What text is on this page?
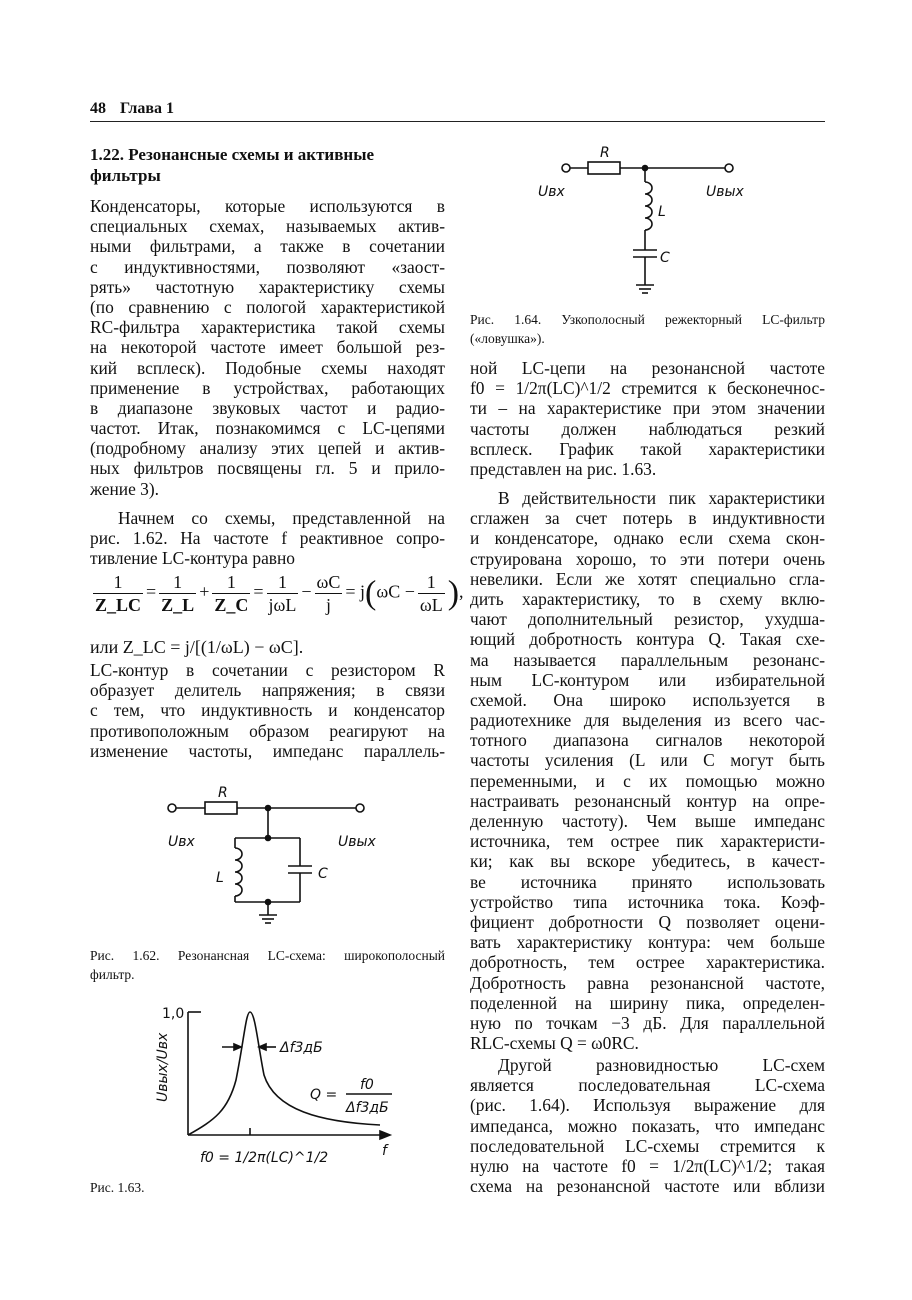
48 Глава 1
1.22. Резонансные схемы и активные
фильтры
Конденсаторы, которые используются в
специальных схемах, называемых актив-
ными фильтрами, а также в сочетании
с индуктивностями, позволяют «заост-
рять» частотную характеристику схемы
(по сравнению с пологой характеристикой
RC-фильтра характеристика такой схемы
на некоторой частоте имеет большой рез-
кий всплеск). Подобные схемы находят
применение в устройствах, работающих
в диапазоне звуковых частот и радио-
частот. Итак, познакомимся с LC-цепями
(подробному анализу этих цепей и актив-
ных фильтров посвящены гл. 5 и прило-
жение 3).
Начнем со схемы, представленной на
рис. 1.62. На частоте f реактивное сопро-
тивление LC-контура равно
$\frac{1}{Z\_LC} = \frac{1}{Z\_L} + \frac{1}{Z\_C} = 1$
jωL
− $\frac{\omega C}{j} = j(\omega C - \frac{1}{\omega L}$ ),
или Z_LC = j/[(1/ωL) − ωC].
LC-контур в сочетании с резистором R
образует делитель напряжения; в связи
с тем, что индуктивность и конденсатор
противоположным образом реагируют на
изменение частоты, импеданс параллель-
R
Uвх	Uвых
L	C
Рис. 1.62. Резонансная LC-схема: широкополосный
фильтр.
1,0
Uвых/Uвх	Δf3дБ
Q =
f0
Δf3дБ
f0 = 1/2π(LC)^1/2	f
Рис. 1.63.
R
Uвх	Uвых
L
C
Рис. 1.64. Узкополосный режекторный LC-фильтр
(«ловушка»).
ной LC-цепи на резонансной частоте
f0 = 1/2π(LC)^1/2 стремится к бесконечнос-
ти – на характеристике при этом значении
частоты должен наблюдаться резкий
всплеск. График такой характеристики
представлен на рис. 1.63.
В действительности пик характеристики
сглажен за счет потерь в индуктивности
и конденсаторе, однако если схема скон-
струирована хорошо, то эти потери очень
невелики. Если же хотят специально сгла-
дить характеристику, то в схему вклю-
чают дополнительный резистор, ухудша-
ющий добротность контура Q. Такая схе-
ма называется параллельным резонанс-
ным LC-контуром или избирательной
схемой. Она широко используется в
радиотехнике для выделения из всего час-
тотного диапазона сигналов некоторой
частоты усиления (L или C могут быть
переменными, и с их помощью можно
настраивать резонансный контур на опре-
деленную частоту). Чем выше импеданс
источника, тем острее пик характеристи-
ки; как вы вскоре убедитесь, в качест-
ве источника принято использовать
устройство типа источника тока. Коэф-
фициент добротности Q позволяет оцени-
вать характеристику контура: чем больше
добротность, тем острее характеристика.
Добротность равна резонансной частоте,
поделенной на ширину пика, определен-
ную по точкам −3 дБ. Для параллельной
RLC-схемы Q = ω0RC.
Другой разновидностью LC-схем
является последовательная LC-схема
(рис. 1.64). Используя выражение для
импеданса, можно показать, что импеданс
последовательной LC-схемы стремится к
нулю на частоте f0 = 1/2π(LC)^1/2; такая
схема на резонансной частоте или вблизи
